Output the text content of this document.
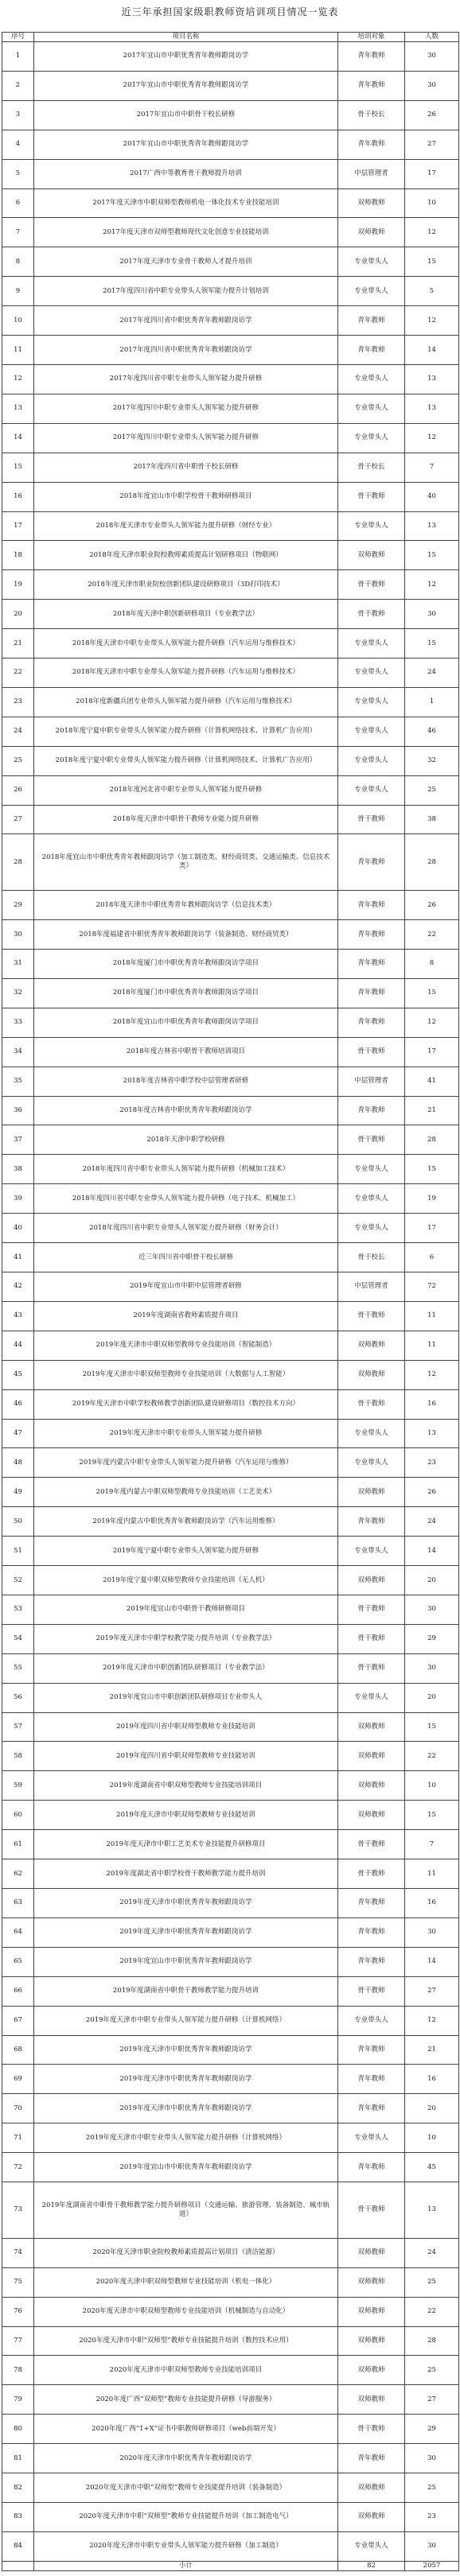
近三年承担国家级职教师资培训项目情况一览表
序号	项目名称	培训对象	人数
1	2017年宜山市中职优秀青年教师跟岗访学	青年教师	30
2	2017年宜山市中职优秀青年教师跟岗访学	青年教师	30
3	2017年宜山市中职骨干校长研修	骨干校长	26
4	2017年宜山市中职优秀青年教师跟岗访学	青年教师	27
5	2017广西中等教育骨干教师提升培训	中层管理者	17
6	2017年度天津市中职双师型教师机电一体化技术专业技能培训	双师教师	10
7	2017年度天津市双师型教师现代文化创意专业技能培训	双师教师	12
8	2017年度天津市专业骨干教师人才提升培训	专业带头人	15
9	2017年度四川省中职专业带头人领军能力提升计划培训	专业带头人	5
10	2017年度四川省中职优秀青年教师跟岗访学	青年教师	12
11	2017年度四川省中职优秀青年教师跟岗访学	青年教师	14
12	2017年度四川省中职专业带头人领军能力提升研修	专业带头人	13
13	2017年度四川中职专业带头人领军能力提升研修	专业带头人	13
14	2017年度四川中职专业带头人领军能力提升研修	专业带头人	12
15	2017年度四川省中职骨干校长研修	骨干校长	7
16	2018年度宜山市中职学校骨干教师研修项目	骨干教师	40
17	2018年度天津市专业带头人领军能力提升研修（财经专业）	专业带头人	13
18	2018年度天津市职业院校教师素质提高计划研修项目（物联网）	双师教师	15
19	2018年度天津市职业院校创新团队建设研修项目（3D打印技术）	骨干教师	12
20	2018年度天津中职创新研修项目（专业教学法）	骨干教师	30
21	2018年度天津市中职专业带头人领军能力提升研修（汽车运用与维修技术）	专业带头人	15
22	2018年度天津市中职专业带头人领军能力提升研修（汽车运用与维修技术）	专业带头人	24
23	2018年度新疆兵团专业带头人领军能力提升研修（汽车运用与维修技术）	专业带头人	1
24	2018年度宁夏中职专业带头人领军能力提升研修（计算机网络技术、计算机广告应用）	专业带头人	46
25	2018年度宁夏中职专业带头人领军能力提升研修（计算机网络技术、计算机广告应用）	专业带头人	32
26	2018年度河北省中职专业带头人领军能力提升研修	专业带头人	25
27	2018年度天津市中职骨干教师专业能力提升研修	骨干教师	38
28	2018年度宜山市中职优秀青年教师跟岗访学（加工制造类、财经商贸类、交通运输类、信息技术类）	青年教师	28
29	2018年度天津市中职优秀青年教师跟岗访学（信息技术类）	青年教师	26
30	2018年度福建省中职优秀青年教师跟岗访学（装备制造、财经商贸类）	青年教师	22
31	2018年度厦门市中职优秀青年教师跟岗访学项目	青年教师	8
32	2018年度厦门市中职优秀青年教师跟岗访学项目	青年教师	15
33	2018年度宜山市中职优秀青年教师跟岗访学项目	青年教师	12
34	2018年度吉林省中职骨干教师培训项目	骨干教师	17
35	2018年度吉林省中职学校中层管理者研修	中层管理者	41
36	2018年度吉林省中职优秀青年教师跟岗访学	青年教师	21
37	2018年天津中职学校研修	骨干教师	28
38	2018年度四川省中职专业带头人领军能力提升研修（机械加工技术）	专业带头人	15
39	2018年度四川省中职专业带头人领军能力提升研修（电子技术、机械加工）	专业带头人	19
40	2018年度四川省中职专业带头人领军能力提升研修（财务会计）	专业带头人	17
41	近三年四川省中职骨干校长研修	骨干校长	6
42	2019年度宜山市中职中层管理者研修	中层管理者	72
43	2019年度湖南省教师素质提升项目	骨干教师	11
44	2019年度天津市中职双师型教师专业技能培训（智能制造）	双师教师	11
45	2019年度天津市中职双师型教师专业技能培训（大数据与人工智能）	双师教师	12
46	2019年度天津市中职学校教师教学创新团队建设研修项目（数控技术方向）	骨干教师	16
47	2019年度天津市中职专业带头人领军能力提升研修	专业带头人	13
48	2019年度内蒙古中职专业带头人领军能力提升研修（汽车运用与维修）	专业带头人	23
49	2019年度内蒙古中职双师型教师专业技能培训（工艺美术）	双师教师	26
50	2019年度内蒙古中职优秀青年教师跟岗访学（汽车运用维修）	青年教师	24
51	2019年度宁夏中职专业带头人领军能力提升研修	专业带头人	14
52	2019年度宁夏中职双师型教师专业技能培训（无人机）	双师教师	20
53	2019年度宜山市中职骨干教师研修项目	骨干教师	30
54	2019年度天津市中职学校教学能力提升培训（专业教学法）	骨干教师	29
55	2019年度天津市中职创新团队研修项目（专业教学法）	骨干教师	30
56	2019年度宜山市中职创新团队研修项目专业带头人	专业带头人	20
57	2019年度四川省中职双师型教师专业技能培训	双师教师	15
58	2019年度四川省中职双师型教师专业技能培训	双师教师	22
59	2019年度湖南省中职双师型教师专业技能培训项目	双师教师	10
60	2019年度天津市中职双师型教师专业技能培训	双师教师	15
61	2019年度天津市中职工艺美术专业技能提升研修项目	骨干教师	7
62	2019年度湖北省中职学校骨干教师教学能力提升培训	骨干教师	11
63	2019年度天津市中职优秀青年教师跟岗访学	青年教师	16
64	2019年度天津市中职优秀青年教师跟岗访学	青年教师	30
65	2019年度宜山市中职优秀青年教师跟岗访学	青年教师	14
66	2019年度湖南省中职骨干教师教学能力提升培训	骨干教师	27
67	2019年度天津市中职专业带头人领军能力提升研修（计算机网络）	专业带头人	12
68	2019年度天津市中职优秀青年教师跟岗访学	青年教师	21
69	2019年度天津市中职优秀青年教师跟岗访学	青年教师	16
70	2019年度天津市中职优秀青年教师跟岗访学	青年教师	20
71	2019年度天津市中职专业带头人领军能力提升研修（计算机网络）	专业带头人	10
72	2019年度宜山市中职优秀青年教师跟岗访学	青年教师	45
73	2019年度湖南省中职骨干教师教学能力提升研修项目（交通运输、旅游管理、装备制造、城市轨道）	骨干教师	13
74	2020年度天津市职业院校教师素质提高计划项目（清洁能源）	双师教师	24
75	2020年度天津中职双师型教师专业技能培训（机电一体化）	双师教师	25
76	2020年度天津市中职双师型教师专业技能培训（机械制造与自动化）	双师教师	22
77	2020年度天津市中职“双师型”教师专业技能提升培训（数控技术应用）	双师教师	28
78	2020年度天津市中职双师型教师专业技能培训项目	双师教师	25
79	2020年度广西“双师型”教师专业技能提升研修（导游服务）	双师教师	27
80	2020年度广西“1+X”证书中职教师研修项目（web前端开发）	骨干教师	29
81	2020年度天津市中职优秀青年教师跟岗访学	青年教师	30
82	2020年度天津市中职“双师型”教师专业技能提升培训（装备制造）	双师教师	25
83	2020年度天津市中职“双师型”教师专业技能提升培训（加工制造电气）	双师教师	23
84	2020年度天津市中职专业带头人领军能力提升研修（加工制造）	专业带头人	30
	小计	82	2057
